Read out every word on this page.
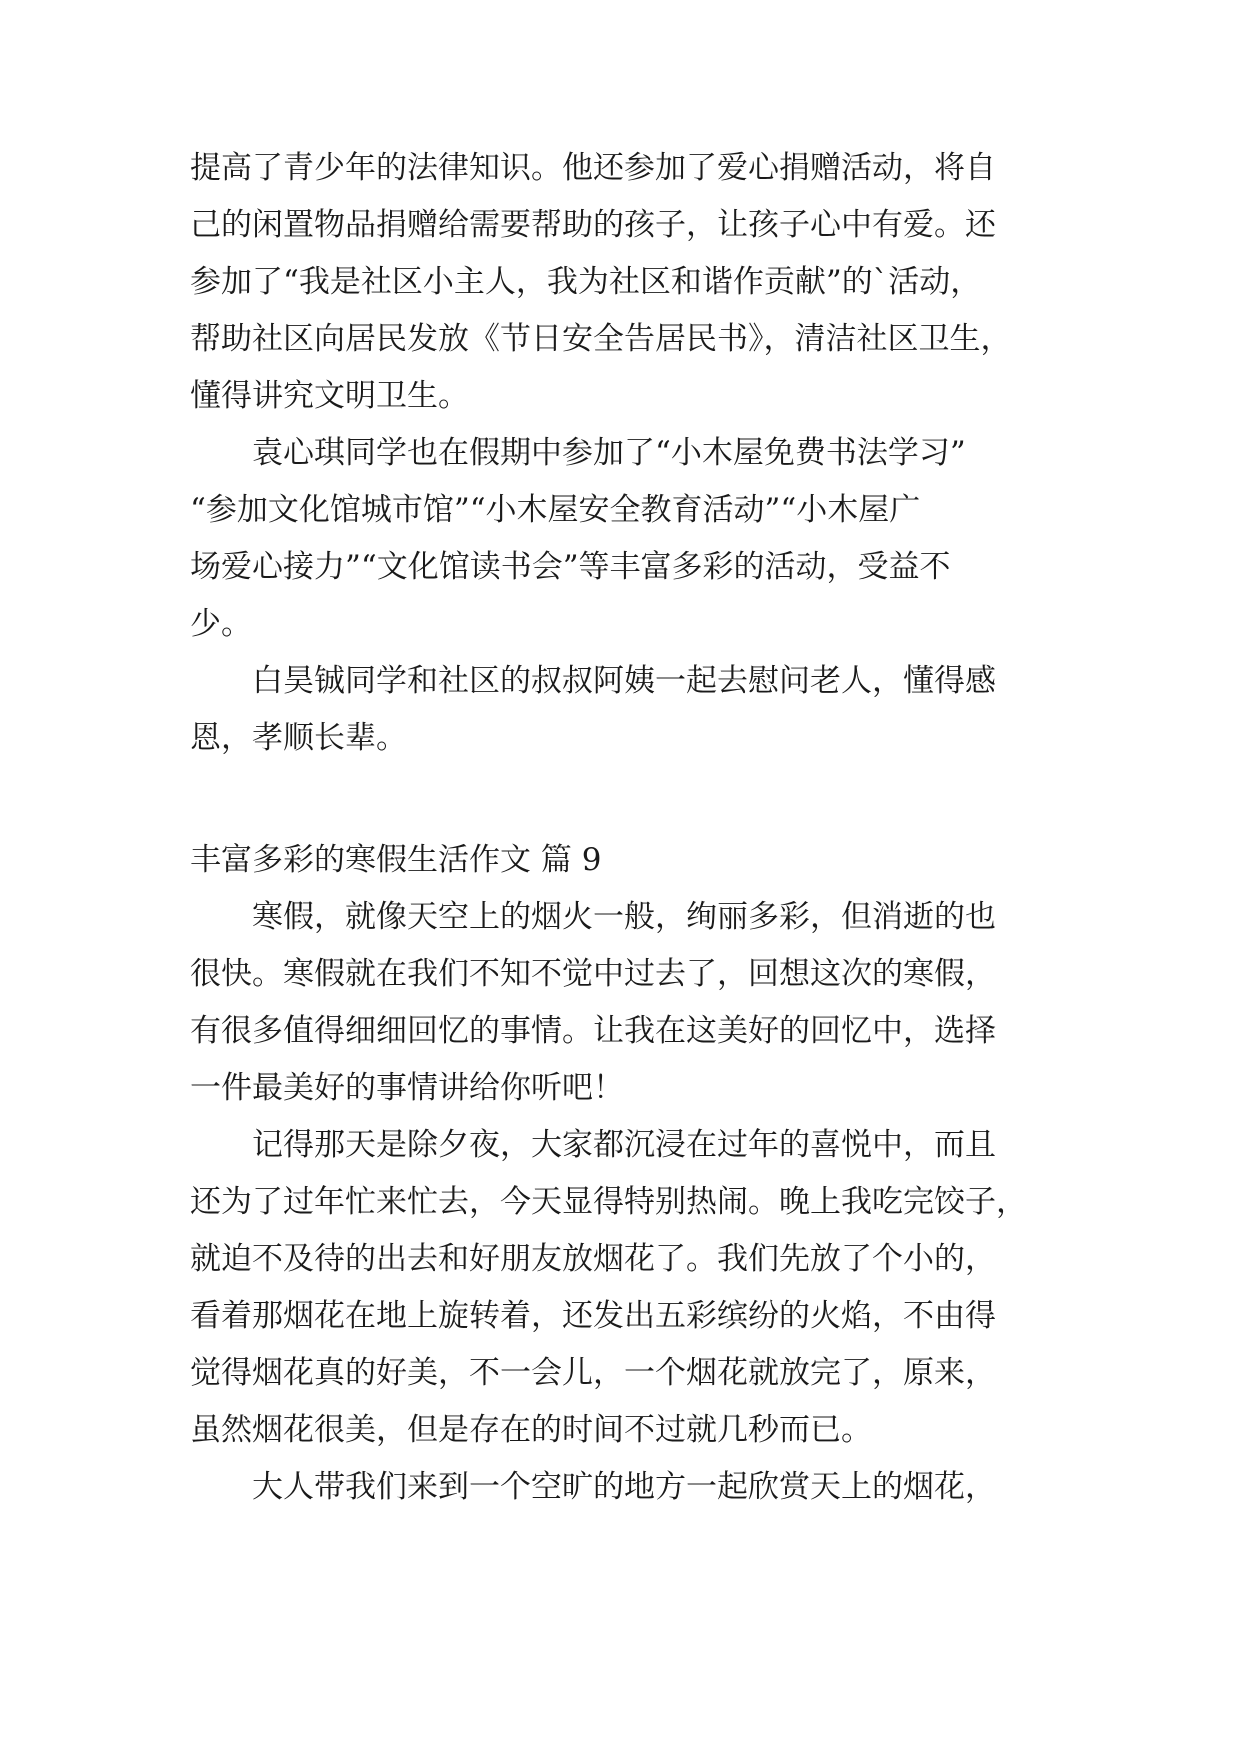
提高了青少年的法律知识。他还参加了爱心捐赠活动，将自
己的闲置物品捐赠给需要帮助的孩子，让孩子心中有爱。还
参加了“我是社区小主人，我为社区和谐作贡献”的`活动，
帮助社区向居民发放《节日安全告居民书》，清洁社区卫生，
懂得讲究文明卫生。
袁心琪同学也在假期中参加了“小木屋免费书法学习”
“参加文化馆城市馆”“小木屋安全教育活动”“小木屋广
场爱心接力”“文化馆读书会”等丰富多彩的活动，受益不
少。
白昊铖同学和社区的叔叔阿姨一起去慰问老人，懂得感
恩，孝顺长辈。
丰富多彩的寒假生活作文 篇 9
寒假，就像天空上的烟火一般，绚丽多彩，但消逝的也
很快。寒假就在我们不知不觉中过去了，回想这次的寒假，
有很多值得细细回忆的事情。让我在这美好的回忆中，选择
一件最美好的事情讲给你听吧！
记得那天是除夕夜，大家都沉浸在过年的喜悦中，而且
还为了过年忙来忙去，今天显得特别热闹。晚上我吃完饺子，
就迫不及待的出去和好朋友放烟花了。我们先放了个小的，
看着那烟花在地上旋转着，还发出五彩缤纷的火焰，不由得
觉得烟花真的好美，不一会儿，一个烟花就放完了，原来，
虽然烟花很美，但是存在的时间不过就几秒而已。
大人带我们来到一个空旷的地方一起欣赏天上的烟花，
